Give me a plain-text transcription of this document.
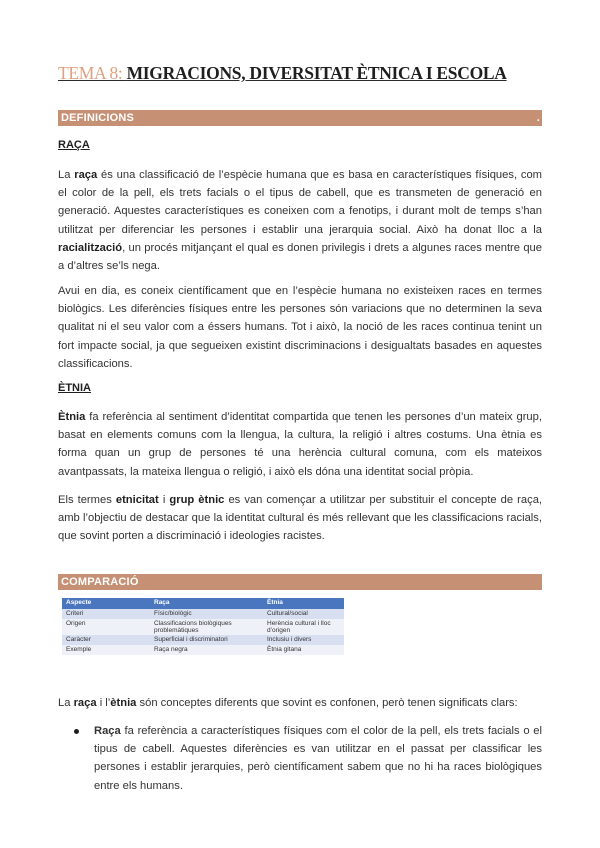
TEMA 8: MIGRACIONS, DIVERSITAT ÈTNICA I ESCOLA
DEFINICIONS	.
RAÇA
La raça és una classificació de l’espècie humana que es basa en característiques físiques, com el color de la pell, els trets facials o el tipus de cabell, que es transmeten de generació en generació. Aquestes característiques es coneixen com a fenotips, i durant molt de temps s’han utilitzat per diferenciar les persones i establir una jerarquia social. Això ha donat lloc a la racialització, un procés mitjançant el qual es donen privilegis i drets a algunes races mentre que a d’altres se’ls nega.
Avui en dia, es coneix científicament que en l’espècie humana no existeixen races en termes biològics. Les diferències físiques entre les persones són variacions que no determinen la seva qualitat ni el seu valor com a éssers humans. Tot i això, la noció de les races continua tenint un fort impacte social, ja que segueixen existint discriminacions i desigualtats basades en aquestes classificacions.
ÈTNIA
Ètnia fa referència al sentiment d’identitat compartida que tenen les persones d’un mateix grup, basat en elements comuns com la llengua, la cultura, la religió i altres costums. Una ètnia es forma quan un grup de persones té una herència cultural comuna, com els mateixos avantpassats, la mateixa llengua o religió, i això els dóna una identitat social pròpia.
Els termes etnicitat i grup ètnic es van començar a utilitzar per substituir el concepte de raça, amb l’objectiu de destacar que la identitat cultural és més rellevant que les classificacions racials, que sovint porten a discriminació i ideologies racistes.
COMPARACIÓ
Aspecte	Raça	Ètnia
Criteri	Físic/biològic	Cultural/social
Origen	Classificacions biològiques problemàtiques	Herència cultural i lloc d’origen
Caràcter	Superficial i discriminatori	Inclusiu i divers
Exemple	Raça negra	Ètnia gitana
La raça i l’ètnia són conceptes diferents que sovint es confonen, però tenen significats clars:
Raça fa referència a característiques físiques com el color de la pell, els trets facials o el tipus de cabell. Aquestes diferències es van utilitzar en el passat per classificar les persones i establir jerarquies, però científicament sabem que no hi ha races biològiques entre els humans.
